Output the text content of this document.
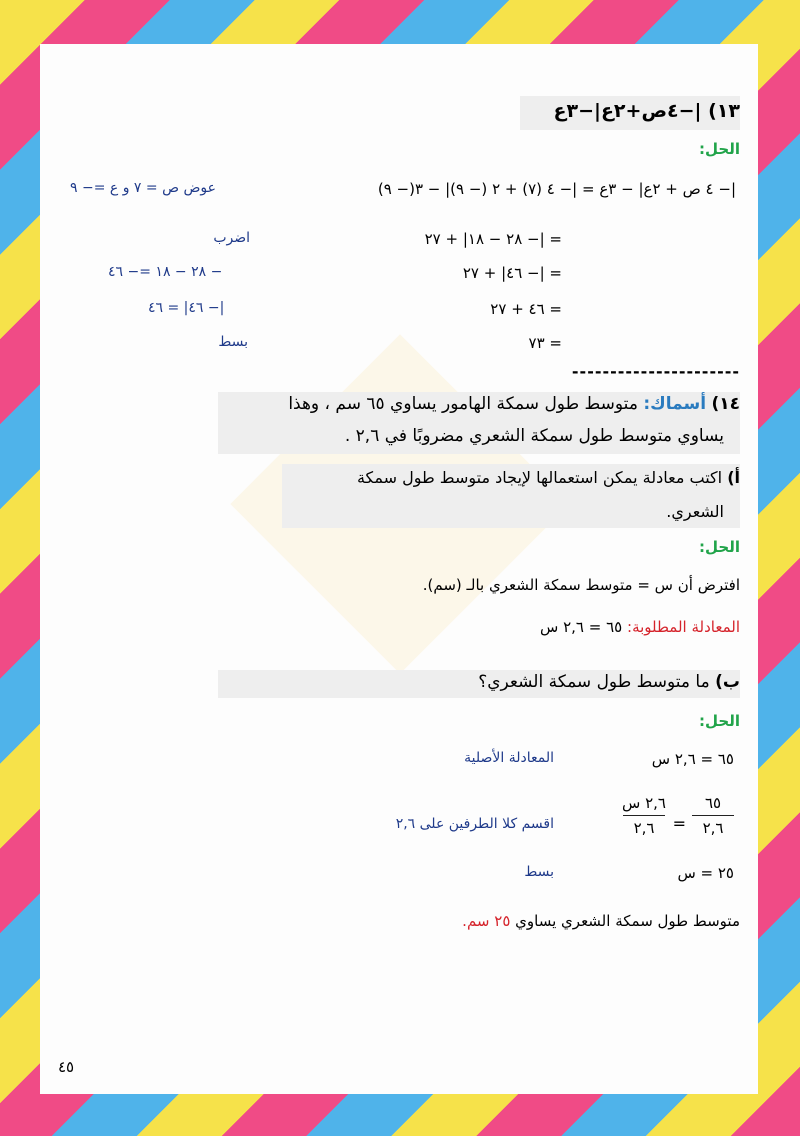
١٣) |−٤ص+٢ع|−٣ع
الحل:
|− ٤ ص + ٢ع| − ٣ع = |− ٤ (٧) + ٢ (− ٩)| − ٣(− ٩)
عوض ص = ٧ و ع =− ٩
= |− ٢٨ − ١٨| + ٢٧
اضرب
= |− ٤٦| + ٢٧
− ٢٨ − ١٨ =− ٤٦
= ٤٦ + ٢٧
|− ٤٦| = ٤٦
= ٧٣
بسط
----------------------
١٤) أسماك: متوسط طول سمكة الهامور يساوي ٦٥ سم ، وهذا
يساوي متوسط طول سمكة الشعري مضروبًا في ٢,٦ .
أ) اكتب معادلة يمكن استعمالها لإيجاد متوسط طول سمكة
الشعري.
الحل:
افترض أن س = متوسط سمكة الشعري بالـ (سم).
المعادلة المطلوبة: ٦٥ = ٢,٦ س
ب) ما متوسط طول سمكة الشعري؟
الحل:
٦٥ = ٢,٦ س
المعادلة الأصلية
٦٥
٢,٦
=
٢,٦ س
٢,٦
اقسم كلا الطرفين على ٢,٦
٢٥ = س
بسط
متوسط طول سمكة الشعري يساوي ٢٥ سم.
٤٥
